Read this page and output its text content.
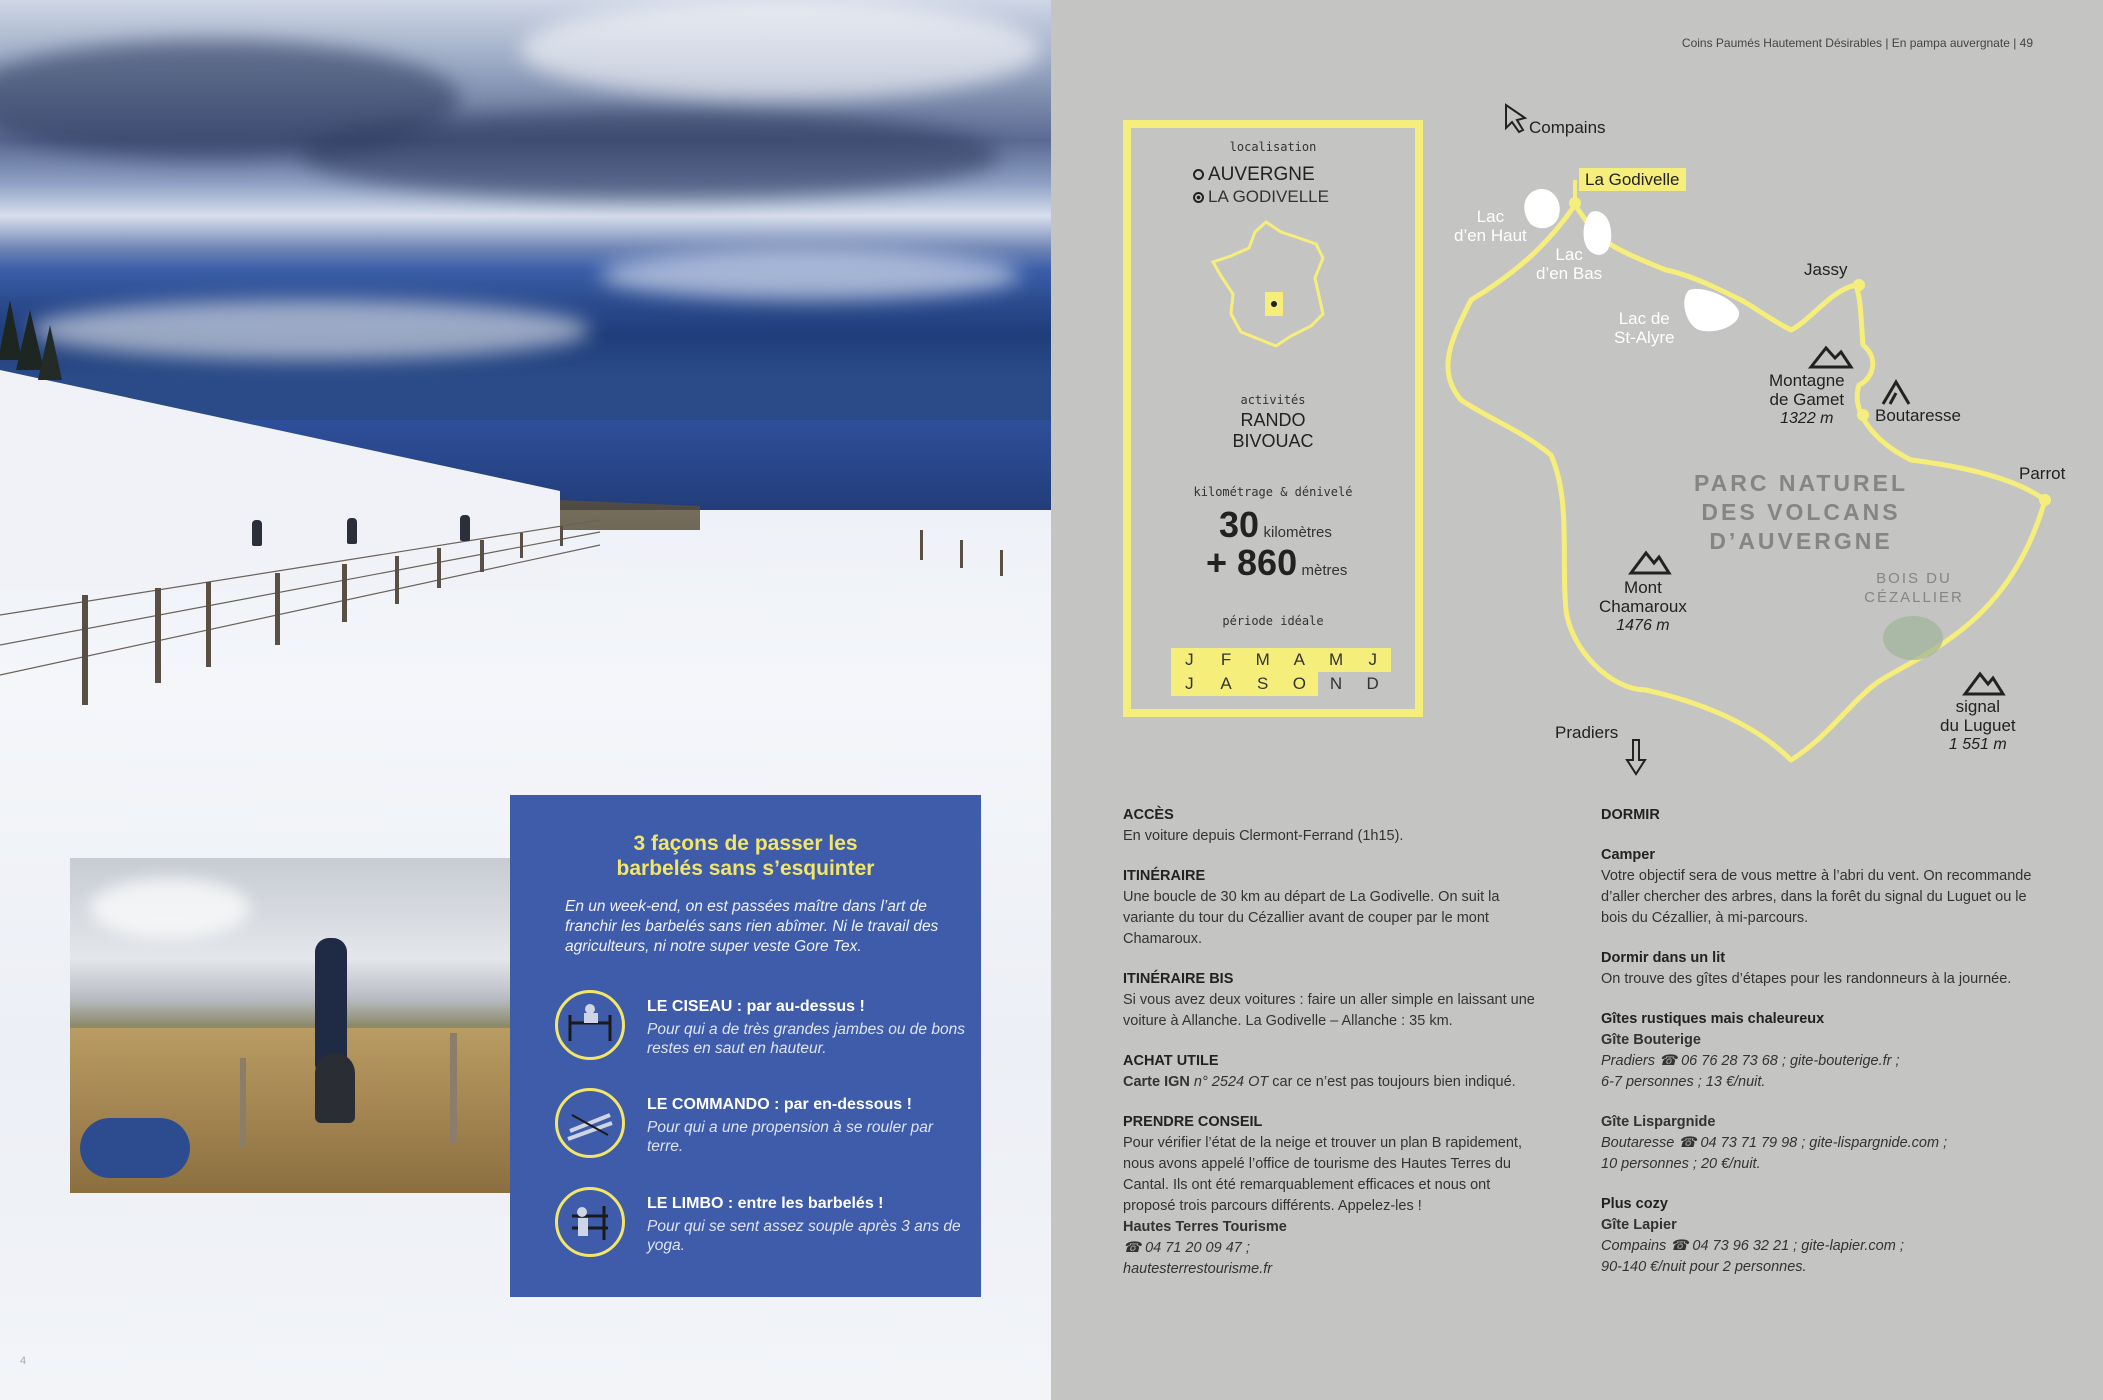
3 façons de passer les
barbelés sans s’esquinter
En un week-end, on est passées maître dans l’art de franchir les barbelés sans rien abîmer. Ni le travail des agriculteurs, ni notre super veste Gore Tex.
LE CISEAU : par au-dessus !
Pour qui a de très grandes jambes ou de bons restes en saut en hauteur.
LE COMMANDO : par en-dessous !
Pour qui a une propension à se rouler par terre.
LE LIMBO : entre les barbelés !
Pour qui se sent assez souple après 3 ans de yoga.
4
Coins Paumés Hautement Désirables | En pampa auvergnate | 49
Compains
La Godivelle
Lac
d’en Haut
Lac
d’en Bas
Lac de
St-Alyre
Jassy
Montagne
de Gamet
1322 m	Boutaresse
Parrot
PARC NATUREL
DES VOLCANS
D’AUVERGNE
BOIS DU
CÉZALLIER
Mont
Chamaroux
1476 m
signal
du Luguet
1 551 m
Pradiers
localisation
AUVERGNE
LA GODIVELLE
activités
RANDO
BIVOUAC
kilométrage & dénivelé
30 kilomètres
+ 860 mètres
période idéale
J	F	M	A	M	J
J	A	S	O	N	D
ACCÈS

En voiture depuis Clermont-Ferrand (1h15).

ITINÉRAIRE

Une boucle de 30 km au départ de La Godivelle. On suit la variante du tour du Cézallier avant de couper par le mont Chamaroux.

ITINÉRAIRE BIS

Si vous avez deux voitures : faire un aller simple en laissant une voiture à Allanche. La Godivelle – Allanche : 35 km.

ACHAT UTILE

Carte IGN n° 2524 OT car ce n’est pas toujours bien indiqué.

PRENDRE CONSEIL

Pour vérifier l’état de la neige et trouver un plan B rapidement, nous avons appelé l’office de tourisme des Hautes Terres du Cantal. Ils ont été remarquablement efficaces et nous ont proposé trois parcours différents. Appelez-les !

Hautes Terres Tourisme

☎ 04 71 20 09 47 ;

hautesterrestourisme.fr

DORMIR
Camper

Votre objectif sera de vous mettre à l’abri du vent. On recommande d’aller chercher des arbres, dans la forêt du signal du Luguet ou le bois du Cézallier, à mi-parcours.

Dormir dans un lit

On trouve des gîtes d’étapes pour les randonneurs à la journée.

Gîtes rustiques mais chaleureux

Gîte Bouterige

Pradiers ☎ 06 76 28 73 68 ; gite-bouterige.fr ;

6-7 personnes ; 13 €/nuit.

Gîte Lispargnide

Boutaresse ☎ 04 73 71 79 98 ; gite-lispargnide.com ;

10 personnes ; 20 €/nuit.

Plus cozy

Gîte Lapier

Compains ☎ 04 73 96 32 21 ; gite-lapier.com ;

90-140 €/nuit pour 2 personnes.
